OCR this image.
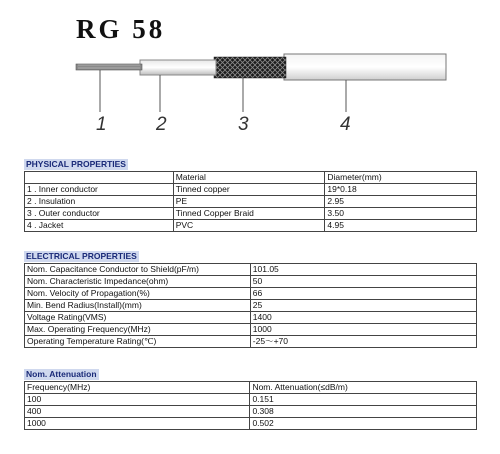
RG 58
1	2	3	4
PHYSICAL PROPERTIES
	Material	Diameter(mm)
1 . Inner conductor	Tinned copper	19*0.18
2 . Insulation	PE	2.95
3 . Outer conductor	Tinned Copper Braid	3.50
4 . Jacket	PVC	4.95
ELECTRICAL PROPERTIES
Nom. Capacitance Conductor to Shield(pF/m)	101.05
Nom. Characteristic Impedance(ohm)	50
Nom. Velocity of Propagation(%)	66
Min. Bend Radius(Install)(mm)	25
Voltage Rating(VMS)	1400
Max. Operating Frequency(MHz)	1000
Operating Temperature Rating(℃)	-25～+70
Nom. Attenuation
Frequency(MHz)	Nom. Attenuation(≤dB/m)
100	0.151
400	0.308
1000	0.502
